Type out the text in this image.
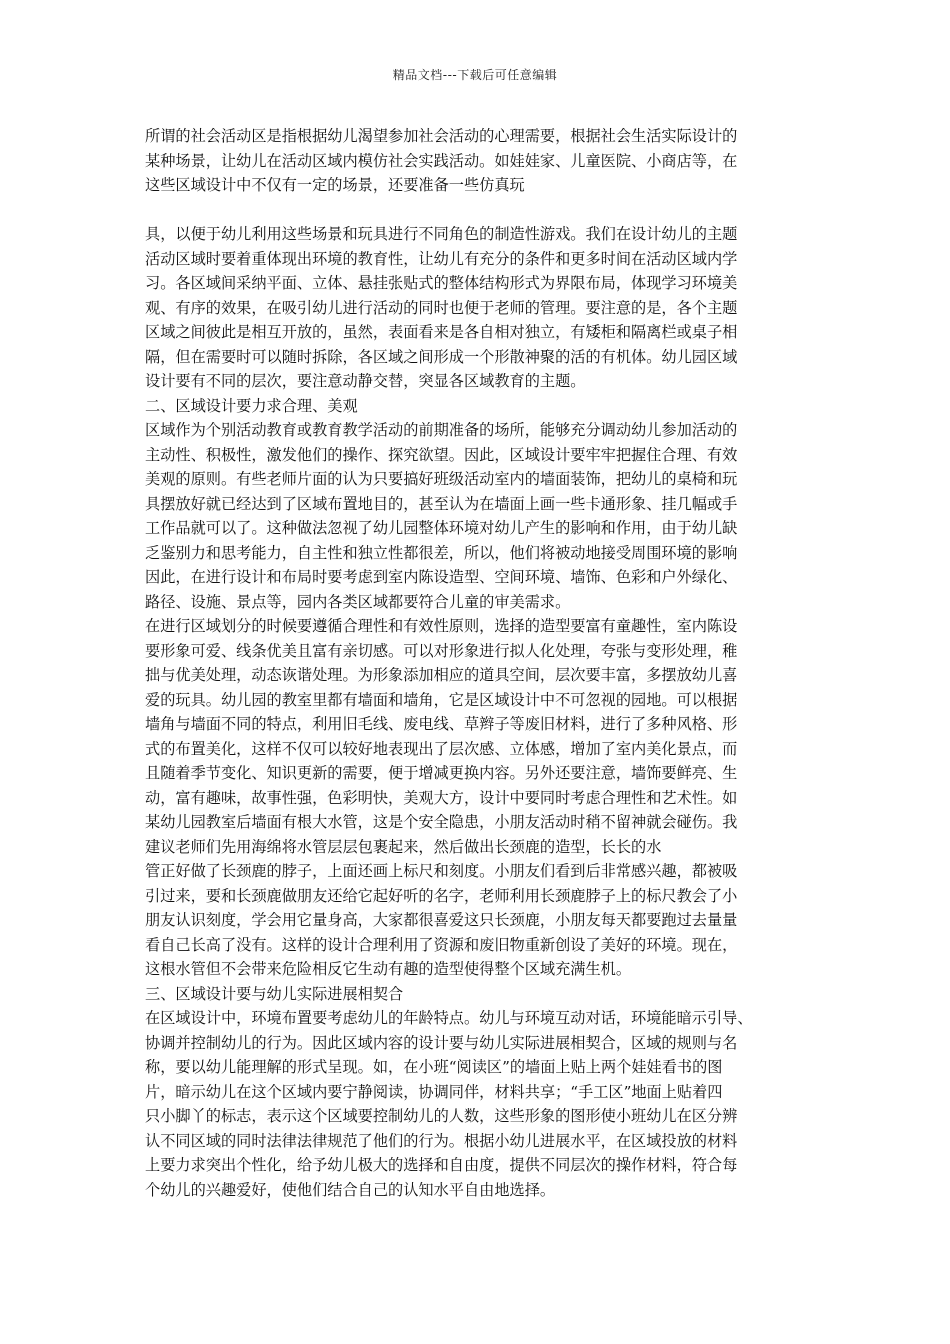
精品文档---下载后可任意编辑
所谓的社会活动区是指根据幼儿渴望参加社会活动的心理需要，根据社会生活实际设计的
某种场景，让幼儿在活动区域内模仿社会实践活动。如娃娃家、儿童医院、小商店等，在
这些区域设计中不仅有一定的场景，还要准备一些仿真玩
具，以便于幼儿利用这些场景和玩具进行不同角色的制造性游戏。我们在设计幼儿的主题
活动区域时要着重体现出环境的教育性，让幼儿有充分的条件和更多时间在活动区域内学
习。各区域间采纳平面、立体、悬挂张贴式的整体结构形式为界限布局，体现学习环境美
观、有序的效果，在吸引幼儿进行活动的同时也便于老师的管理。要注意的是，各个主题
区域之间彼此是相互开放的，虽然，表面看来是各自相对独立，有矮柜和隔离栏或桌子相
隔，但在需要时可以随时拆除，各区域之间形成一个形散神聚的活的有机体。幼儿园区域
设计要有不同的层次，要注意动静交替，突显各区域教育的主题。
二、区域设计要力求合理、美观
区域作为个别活动教育或教育教学活动的前期准备的场所，能够充分调动幼儿参加活动的
主动性、积极性，激发他们的操作、探究欲望。因此，区域设计要牢牢把握住合理、有效
美观的原则。有些老师片面的认为只要搞好班级活动室内的墙面装饰，把幼儿的桌椅和玩
具摆放好就已经达到了区域布置地目的，甚至认为在墙面上画一些卡通形象、挂几幅或手
工作品就可以了。这种做法忽视了幼儿园整体环境对幼儿产生的影响和作用，由于幼儿缺
乏鉴别力和思考能力，自主性和独立性都很差，所以，他们将被动地接受周围环境的影响
因此，在进行设计和布局时要考虑到室内陈设造型、空间环境、墙饰、色彩和户外绿化、
路径、设施、景点等，园内各类区域都要符合儿童的审美需求。
在进行区域划分的时候要遵循合理性和有效性原则，选择的造型要富有童趣性，室内陈设
要形象可爱、线条优美且富有亲切感。可以对形象进行拟人化处理，夸张与变形处理，稚
拙与优美处理，动态诙谐处理。为形象添加相应的道具空间，层次要丰富，多摆放幼儿喜
爱的玩具。幼儿园的教室里都有墙面和墙角，它是区域设计中不可忽视的园地。可以根据
墙角与墙面不同的特点，利用旧毛线、废电线、草辫子等废旧材料，进行了多种风格、形
式的布置美化，这样不仅可以较好地表现出了层次感、立体感，增加了室内美化景点，而
且随着季节变化、知识更新的需要，便于增减更换内容。另外还要注意，墙饰要鲜亮、生
动，富有趣味，故事性强，色彩明快，美观大方，设计中要同时考虑合理性和艺术性。如
某幼儿园教室后墙面有根大水管，这是个安全隐患，小朋友活动时稍不留神就会碰伤。我
建议老师们先用海绵将水管层层包裹起来，然后做出长颈鹿的造型，长长的水
管正好做了长颈鹿的脖子，上面还画上标尺和刻度。小朋友们看到后非常感兴趣，都被吸
引过来，要和长颈鹿做朋友还给它起好听的名字，老师利用长颈鹿脖子上的标尺教会了小
朋友认识刻度，学会用它量身高，大家都很喜爱这只长颈鹿，小朋友每天都要跑过去量量
看自己长高了没有。这样的设计合理利用了资源和废旧物重新创设了美好的环境。现在，
这根水管但不会带来危险相反它生动有趣的造型使得整个区域充满生机。
三、区域设计要与幼儿实际进展相契合
在区域设计中，环境布置要考虑幼儿的年龄特点。幼儿与环境互动对话，环境能暗示引导、
协调并控制幼儿的行为。因此区域内容的设计要与幼儿实际进展相契合，区域的规则与名
称，要以幼儿能理解的形式呈现。如，在小班“阅读区”的墙面上贴上两个娃娃看书的图
片，暗示幼儿在这个区域内要宁静阅读，协调同伴，材料共享；“手工区”地面上贴着四
只小脚丫的标志，表示这个区域要控制幼儿的人数，这些形象的图形使小班幼儿在区分辨
认不同区域的同时法律法律规范了他们的行为。根据小幼儿进展水平，在区域投放的材料
上要力求突出个性化，给予幼儿极大的选择和自由度，提供不同层次的操作材料，符合每
个幼儿的兴趣爱好，使他们结合自己的认知水平自由地选择。
